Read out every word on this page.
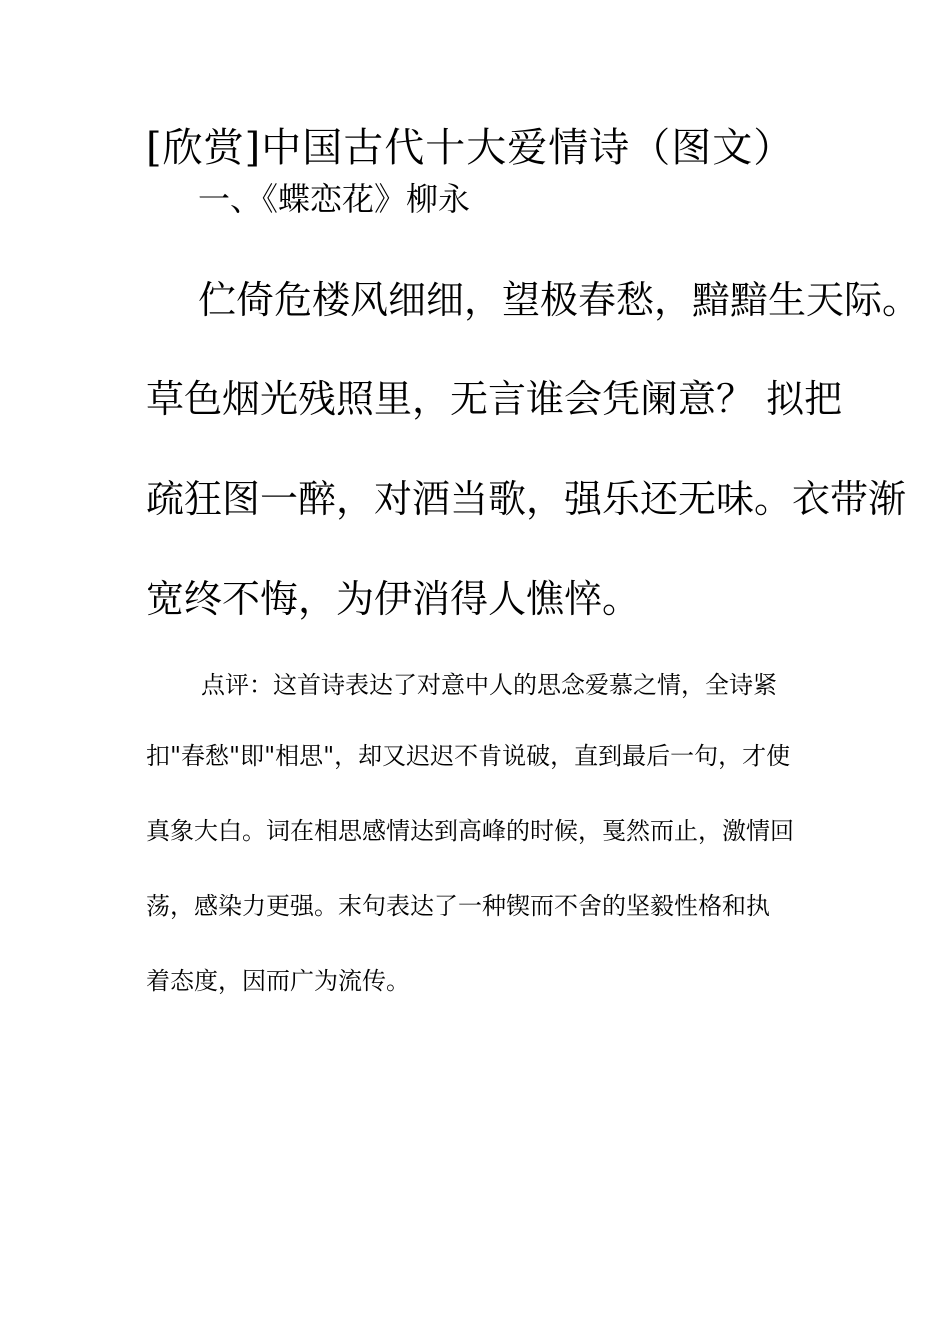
[欣赏]中国古代十大爱情诗（图文）
一、《蝶恋花》柳永
伫倚危楼风细细，望极春愁，黯黯生天际。
草色烟光残照里，无言谁会凭阑意？ 拟把
疏狂图一醉，对酒当歌，强乐还无味。衣带渐
宽终不悔，为伊消得人憔悴。
点评：这首诗表达了对意中人的思念爱慕之情，全诗紧
扣"春愁"即"相思"，却又迟迟不肯说破，直到最后一句，才使
真象大白。词在相思感情达到高峰的时候，戛然而止，激情回
荡，感染力更强。末句表达了一种锲而不舍的坚毅性格和执
着态度，因而广为流传。
